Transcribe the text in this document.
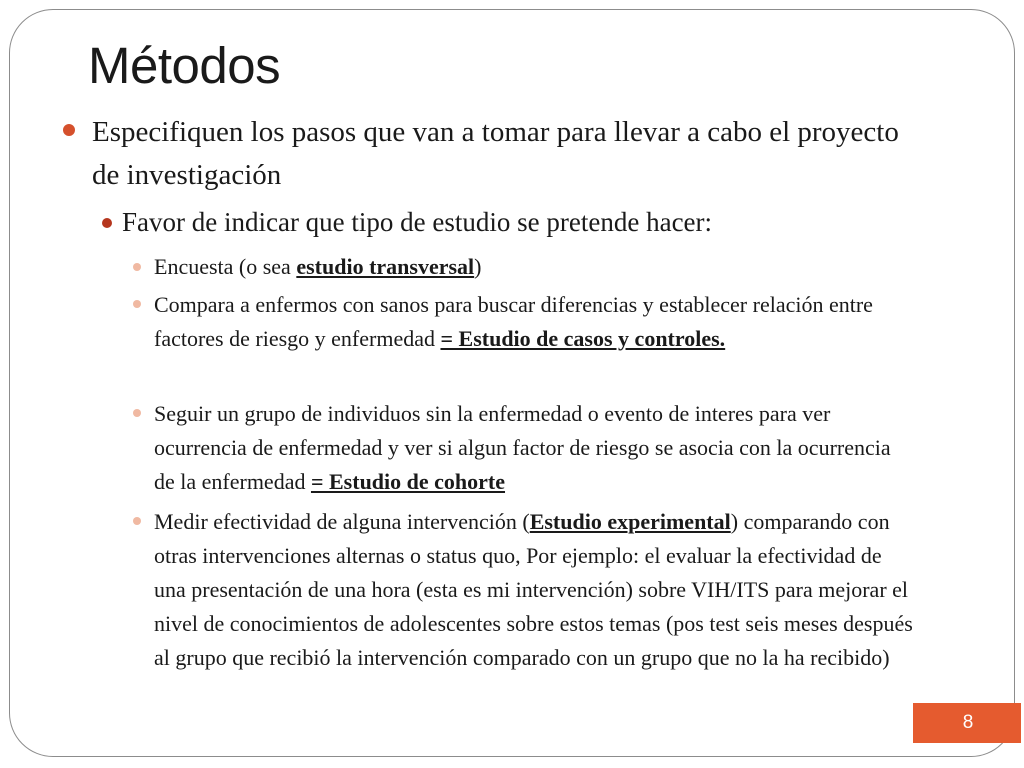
Métodos
Especifiquen los pasos que van a tomar para llevar a cabo el proyecto de investigación
Favor de indicar que tipo de estudio se pretende hacer:
Encuesta (o sea estudio transversal)
Compara a enfermos con sanos para buscar diferencias y establecer relación entre factores de riesgo y enfermedad = Estudio de casos y controles.
Seguir un grupo de individuos sin la enfermedad o evento de interes para ver ocurrencia de enfermedad y ver si algun factor de riesgo se asocia con la ocurrencia de la enfermedad = Estudio de cohorte
Medir efectividad de alguna intervención (Estudio experimental) comparando con otras intervenciones alternas o status quo, Por ejemplo: el evaluar la efectividad de una presentación de una hora (esta es mi intervención) sobre VIH/ITS para mejorar el nivel de conocimientos de adolescentes sobre estos temas (pos test seis meses después al grupo que recibió la intervención comparado con un grupo que no la ha recibido)
8
